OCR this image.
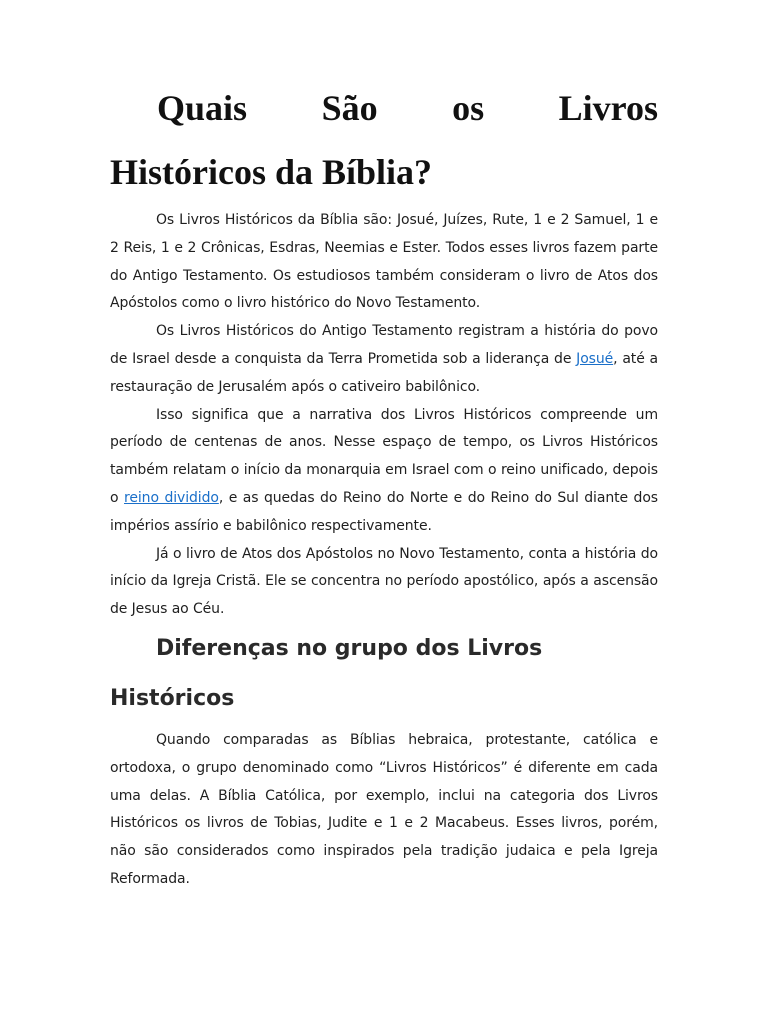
Quais São os Livros
Históricos da Bíblia?

Os Livros Históricos da Bíblia são: Josué, Juízes, Rute, 1 e 2 Samuel, 1 e 2 Reis, 1 e 2 Crônicas, Esdras, Neemias e Ester. Todos esses livros fazem parte do Antigo Testamento. Os estudiosos também consideram o livro de Atos dos Apóstolos como o livro histórico do Novo Testamento.

Os Livros Históricos do Antigo Testamento registram a história do povo de Israel desde a conquista da Terra Prometida sob a liderança de Josué, até a restauração de Jerusalém após o cativeiro babilônico.

Isso significa que a narrativa dos Livros Históricos compreende um período de centenas de anos. Nesse espaço de tempo, os Livros Históricos também relatam o início da monarquia em Israel com o reino unificado, depois o reino dividido, e as quedas do Reino do Norte e do Reino do Sul diante dos impérios assírio e babilônico respectivamente.

Já o livro de Atos dos Apóstolos no Novo Testamento, conta a história do início da Igreja Cristã. Ele se concentra no período apostólico, após a ascensão de Jesus ao Céu.

Diferenças no grupo dos Livros
Históricos

Quando comparadas as Bíblias hebraica, protestante, católica e ortodoxa, o grupo denominado como “Livros Históricos” é diferente em cada uma delas. A Bíblia Católica, por exemplo, inclui na categoria dos Livros Históricos os livros de Tobias, Judite e 1 e 2 Macabeus. Esses livros, porém, não são considerados como inspirados pela tradição judaica e pela Igreja Reformada.
